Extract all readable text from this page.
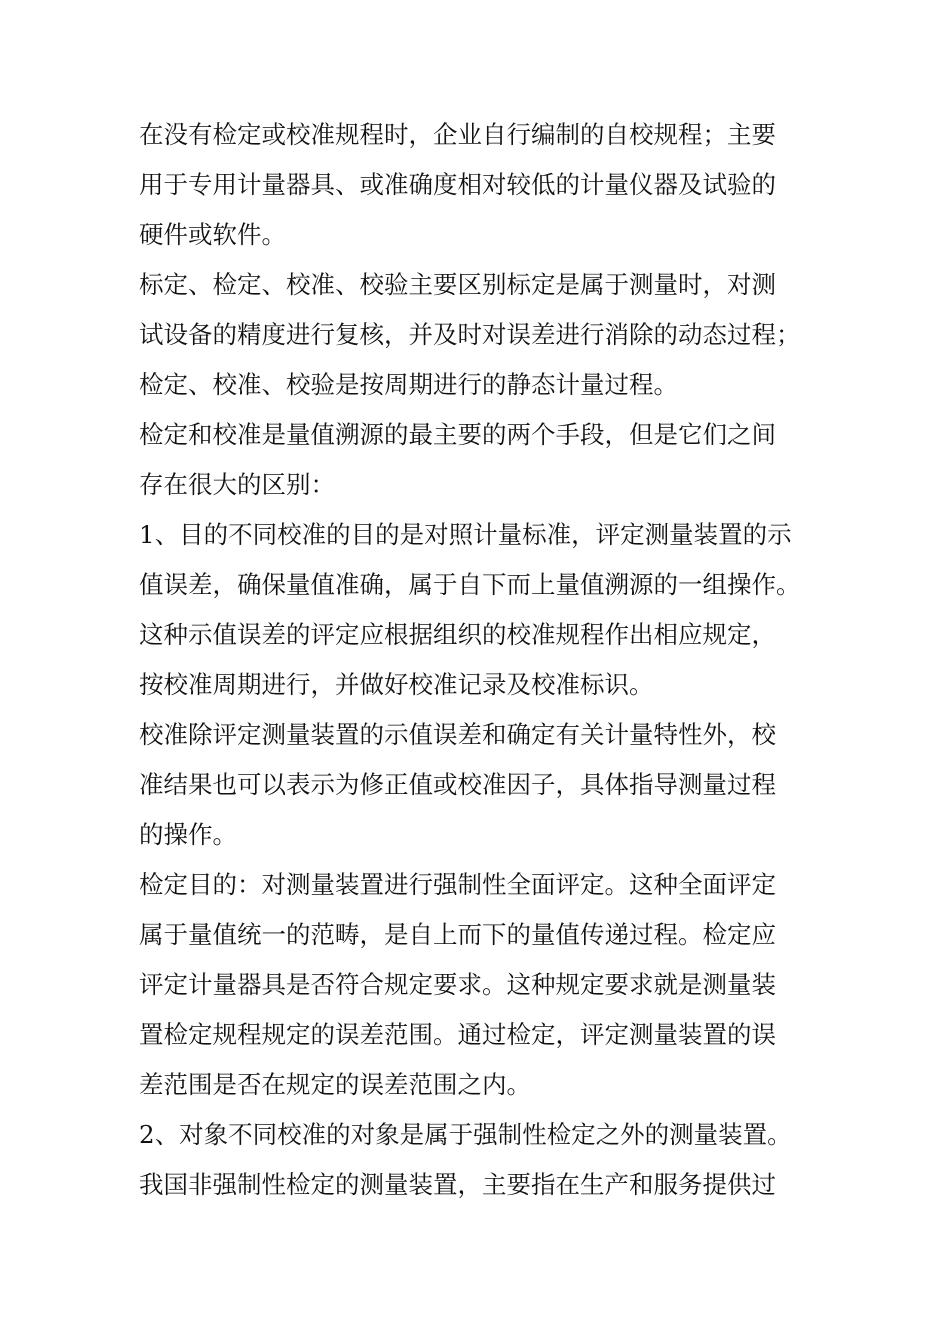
在没有检定或校准规程时，企业自行编制的自校规程；主要
用于专用计量器具、或准确度相对较低的计量仪器及试验的
硬件或软件。
标定、检定、校准、校验主要区别标定是属于测量时，对测
试设备的精度进行复核，并及时对误差进行消除的动态过程；
检定、校准、校验是按周期进行的静态计量过程。
检定和校准是量值溯源的最主要的两个手段，但是它们之间
存在很大的区别：
1、目的不同校准的目的是对照计量标准，评定测量装置的示
值误差，确保量值准确，属于自下而上量值溯源的一组操作。
这种示值误差的评定应根据组织的校准规程作出相应规定，
按校准周期进行，并做好校准记录及校准标识。
校准除评定测量装置的示值误差和确定有关计量特性外，校
准结果也可以表示为修正值或校准因子，具体指导测量过程
的操作。
检定目的：对测量装置进行强制性全面评定。这种全面评定
属于量值统一的范畴，是自上而下的量值传递过程。检定应
评定计量器具是否符合规定要求。这种规定要求就是测量装
置检定规程规定的误差范围。通过检定，评定测量装置的误
差范围是否在规定的误差范围之内。
2、对象不同校准的对象是属于强制性检定之外的测量装置。
我国非强制性检定的测量装置，主要指在生产和服务提供过
